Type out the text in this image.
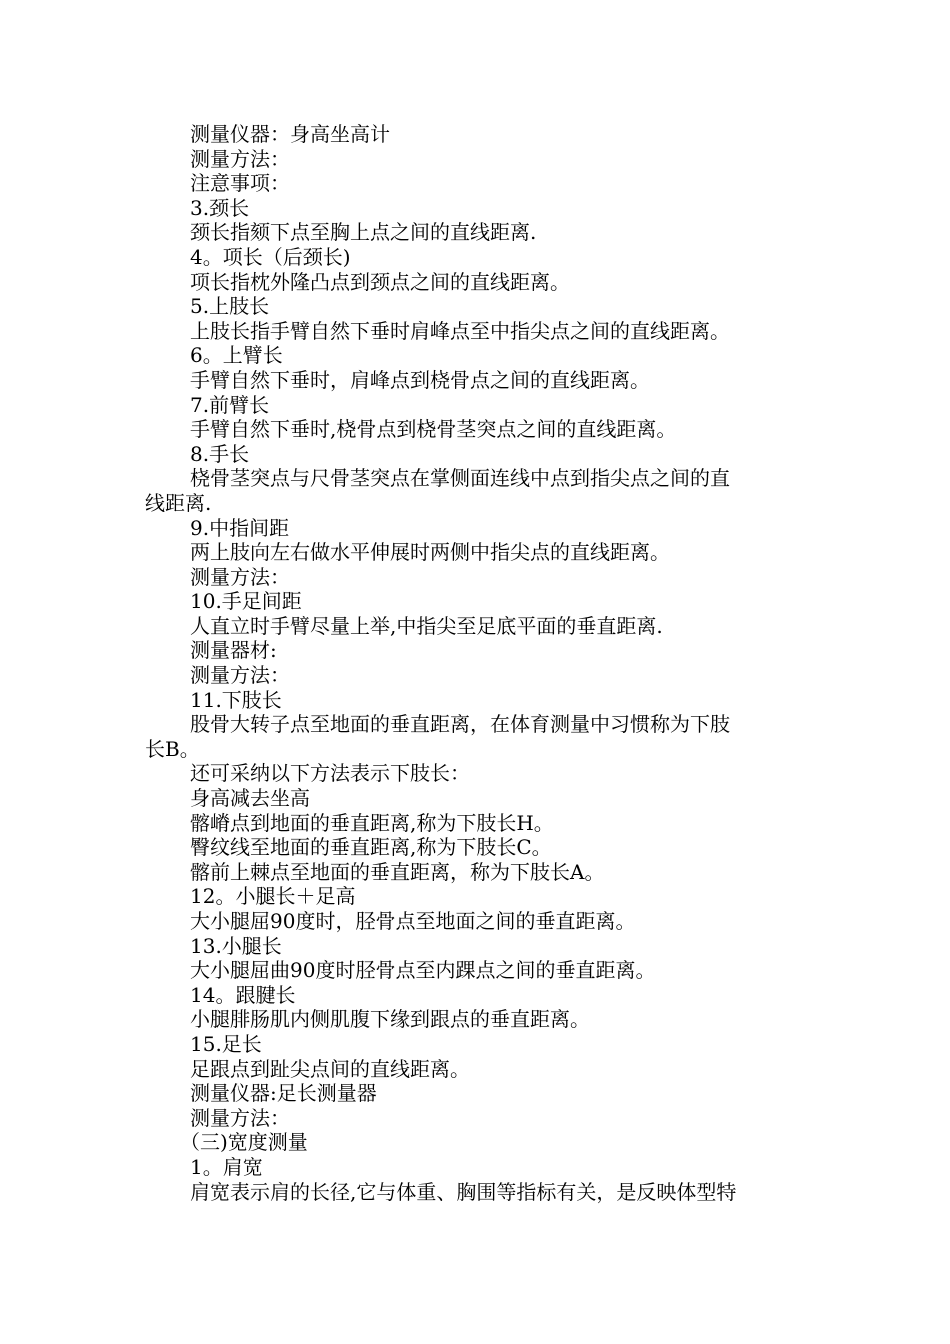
测量仪器：身高坐高计
测量方法：
注意事项：
3.颈长
颈长指颏下点至胸上点之间的直线距离.
4。项长（后颈长)
项长指枕外隆凸点到颈点之间的直线距离。
5.上肢长
上肢长指手臂自然下垂时肩峰点至中指尖点之间的直线距离。
6。上臂长
手臂自然下垂时，肩峰点到桡骨点之间的直线距离。
7.前臂长
手臂自然下垂时,桡骨点到桡骨茎突点之间的直线距离。
8.手长
桡骨茎突点与尺骨茎突点在掌侧面连线中点到指尖点之间的直
线距离.
9.中指间距
两上肢向左右做水平伸展时两侧中指尖点的直线距离。
测量方法：
10.手足间距
人直立时手臂尽量上举,中指尖至足底平面的垂直距离.
测量器材:
测量方法：
11.下肢长
股骨大转子点至地面的垂直距离，在体育测量中习惯称为下肢
长B。
还可采纳以下方法表示下肢长：
身高减去坐高
髂嵴点到地面的垂直距离,称为下肢长H。
臀纹线至地面的垂直距离,称为下肢长C。
髂前上棘点至地面的垂直距离，称为下肢长A。
12。小腿长＋足高
大小腿屈90度时，胫骨点至地面之间的垂直距离。
13.小腿长
大小腿屈曲90度时胫骨点至内踝点之间的垂直距离。
14。跟腱长
小腿腓肠肌内侧肌腹下缘到跟点的垂直距离。
15.足长
足跟点到趾尖点间的直线距离。
测量仪器:足长测量器
测量方法：
（三)宽度测量
1。肩宽
肩宽表示肩的长径,它与体重、胸围等指标有关，是反映体型特
